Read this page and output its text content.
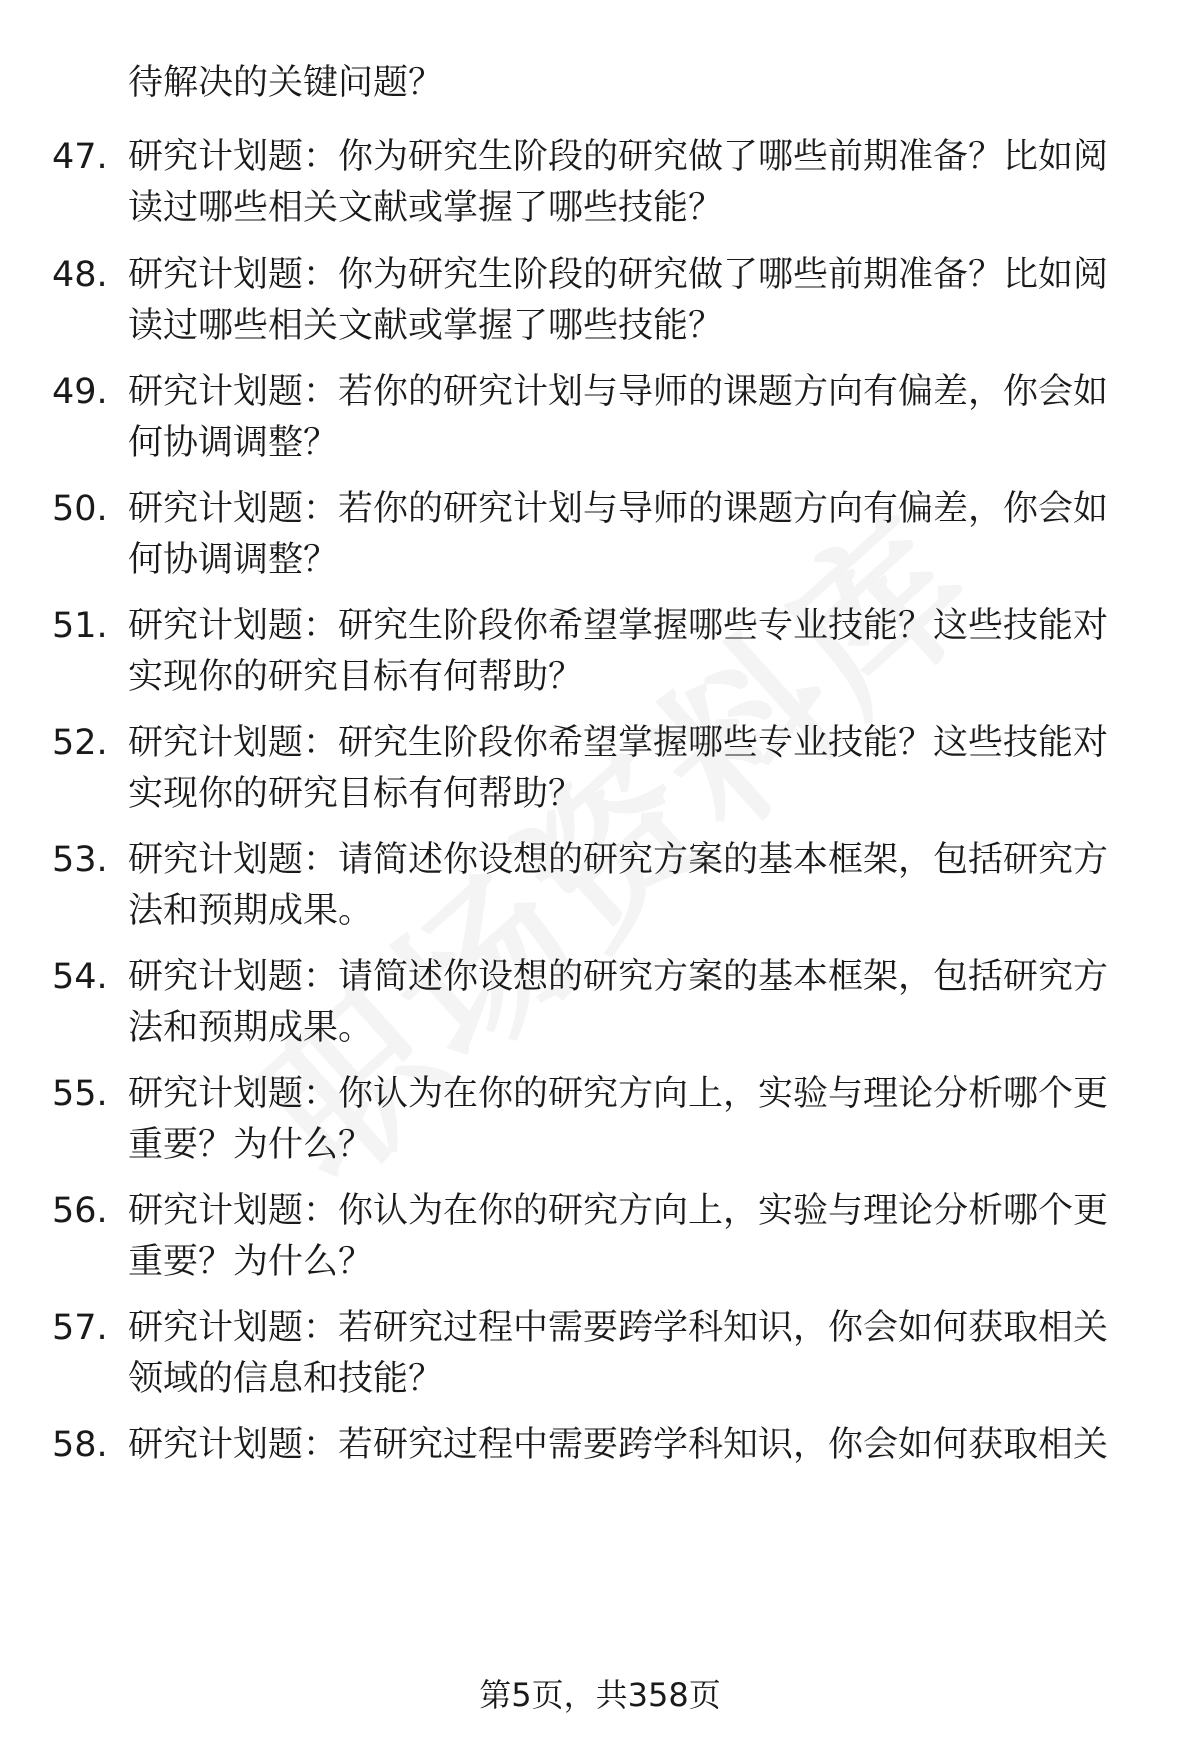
待解决的关键问题？
47. 研究计划题：你为研究生阶段的研究做了哪些前期准备？比如阅读过哪些相关文献或掌握了哪些技能？
48. 研究计划题：你为研究生阶段的研究做了哪些前期准备？比如阅读过哪些相关文献或掌握了哪些技能？
49. 研究计划题：若你的研究计划与导师的课题方向有偏差，你会如何协调调整？
50. 研究计划题：若你的研究计划与导师的课题方向有偏差，你会如何协调调整？
51. 研究计划题：研究生阶段你希望掌握哪些专业技能？这些技能对实现你的研究目标有何帮助？
52. 研究计划题：研究生阶段你希望掌握哪些专业技能？这些技能对实现你的研究目标有何帮助？
53. 研究计划题：请简述你设想的研究方案的基本框架，包括研究方法和预期成果。
54. 研究计划题：请简述你设想的研究方案的基本框架，包括研究方法和预期成果。
55. 研究计划题：你认为在你的研究方向上，实验与理论分析哪个更重要？为什么？
56. 研究计划题：你认为在你的研究方向上，实验与理论分析哪个更重要？为什么？
57. 研究计划题：若研究过程中需要跨学科知识，你会如何获取相关领域的信息和技能？
58. 研究计划题：若研究过程中需要跨学科知识，你会如何获取相关
第5页，共358页
